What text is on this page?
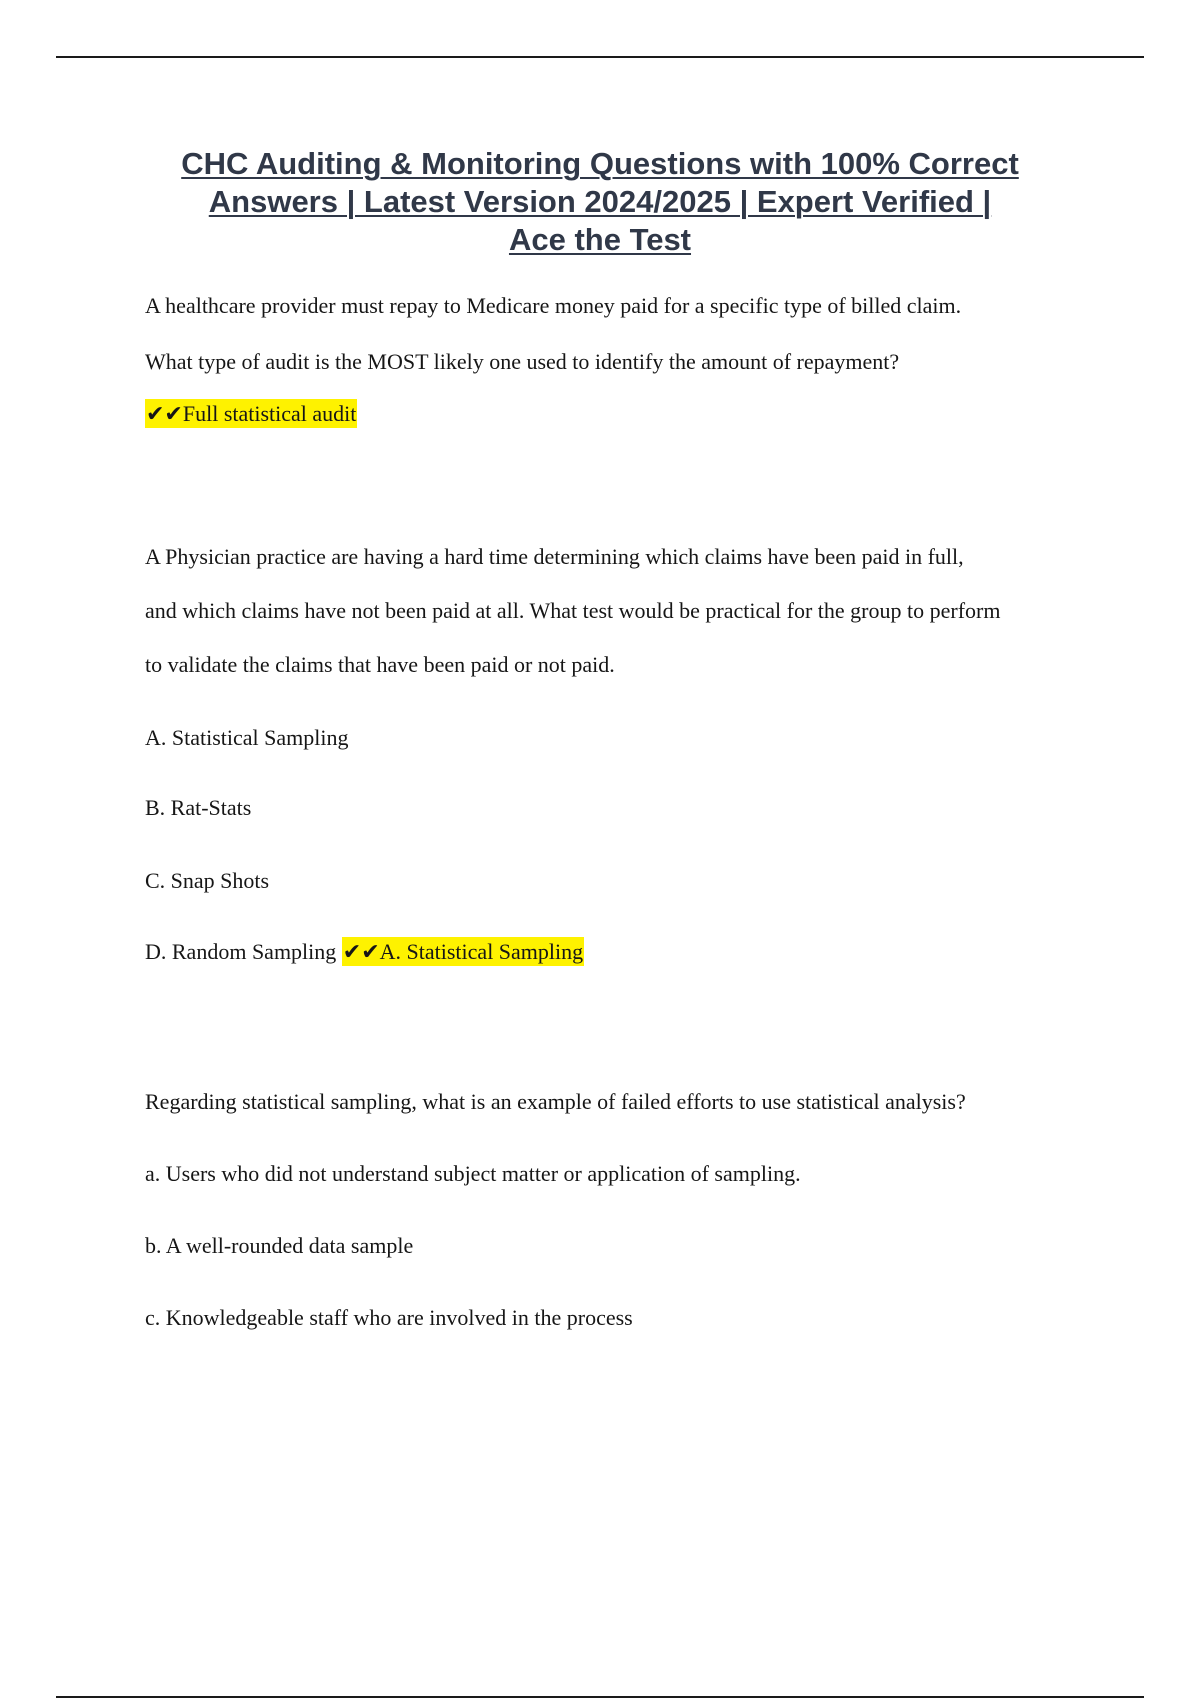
CHC Auditing & Monitoring Questions with 100% Correct
Answers | Latest Version 2024/2025 | Expert Verified |
Ace the Test

A healthcare provider must repay to Medicare money paid for a specific type of billed claim.

What type of audit is the MOST likely one used to identify the amount of repayment?

✔✔Full statistical audit

A Physician practice are having a hard time determining which claims have been paid in full,

and which claims have not been paid at all. What test would be practical for the group to perform

to validate the claims that have been paid or not paid.

A. Statistical Sampling

B. Rat-Stats

C. Snap Shots

D. Random Sampling ✔✔A. Statistical Sampling

Regarding statistical sampling, what is an example of failed efforts to use statistical analysis?

a. Users who did not understand subject matter or application of sampling.

b. A well-rounded data sample

c. Knowledgeable staff who are involved in the process
